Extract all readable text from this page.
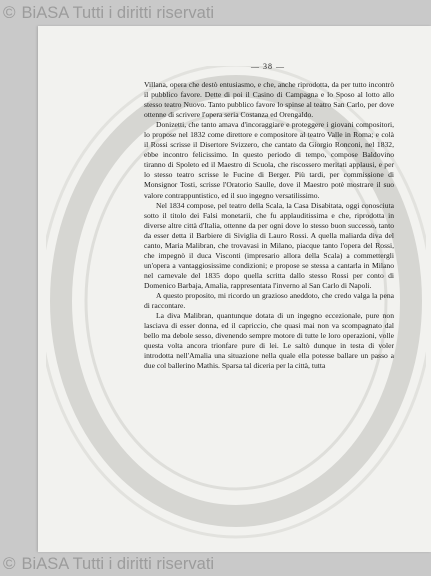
© BiASA Tutti i diritti riservati
— 38 —

Villana, opera che destò entusiasmo, e che, anche riprodotta, da per tutto incontrò il pubblico favore. Dette di poi il Casino di Campagna e lo Sposo al lotto allo stesso teatro Nuovo. Tanto pubblico favore lo spinse al teatro San Carlo, per dove ottenne di scrivere l'opera seria Costanza ed Orengaldo.

Donizetti, che tanto amava d'incoraggiare e proteggere i giovani compositori, lo propose nel 1832 come direttore e compositore al teatro Valle in Roma; e colà il Rossi scrisse il Disertore Svizzero, che cantato da Giorgio Ronconi, nel 1832, ebbe incontro felicissimo. In questo periodo di tempo, compose Baldovino tiranno di Spoleto ed il Maestro di Scuola, che riscossero meritati applausi, e per lo stesso teatro scrisse le Fucine di Berger. Più tardi, per commissione di Monsignor Tosti, scrisse l'Oratorio Saulle, dove il Maestro potè mostrare il suo valore contrappuntistico, ed il suo ingegno versatilissimo.

Nel 1834 compose, pel teatro della Scala, la Casa Disabitata, oggi conosciuta sotto il titolo dei Falsi monetarii, che fu applauditissima e che, riprodotta in diverse altre città d'Italia, ottenne da per ogni dove lo stesso buon successo, tanto da esser detta il Barbiere di Siviglia di Lauro Rossi. A quella maliarda diva del canto, Maria Malibran, che trovavasi in Milano, piacque tanto l'opera del Rossi, che impegnò il duca Visconti (impresario allora della Scala) a commettergli un'opera a vantaggiosissime condizioni; e propose se stessa a cantarla in Milano nel carnevale del 1835 dopo quella scritta dallo stesso Rossi per conto di Domenico Barbaja, Amalia, rappresentata l'inverno al San Carlo di Napoli.

A questo proposito, mi ricordo un grazioso aneddoto, che credo valga la pena di raccontare.

La diva Malibran, quantunque dotata di un ingegno eccezionale, pure non lasciava di esser donna, ed il capriccio, che quasi mai non va scompagnato dal bello ma debole sesso, divenendo sempre motore di tutte le loro operazioni, volle questa volta ancora trionfare pure di lei. Le saltò dunque in testa di voler introdotta nell'Amalia una situazione nella quale ella potesse ballare un passo a due col ballerino Mathis. Sparsa tal diceria per la città, tutta

© BiASA Tutti i diritti riservati
